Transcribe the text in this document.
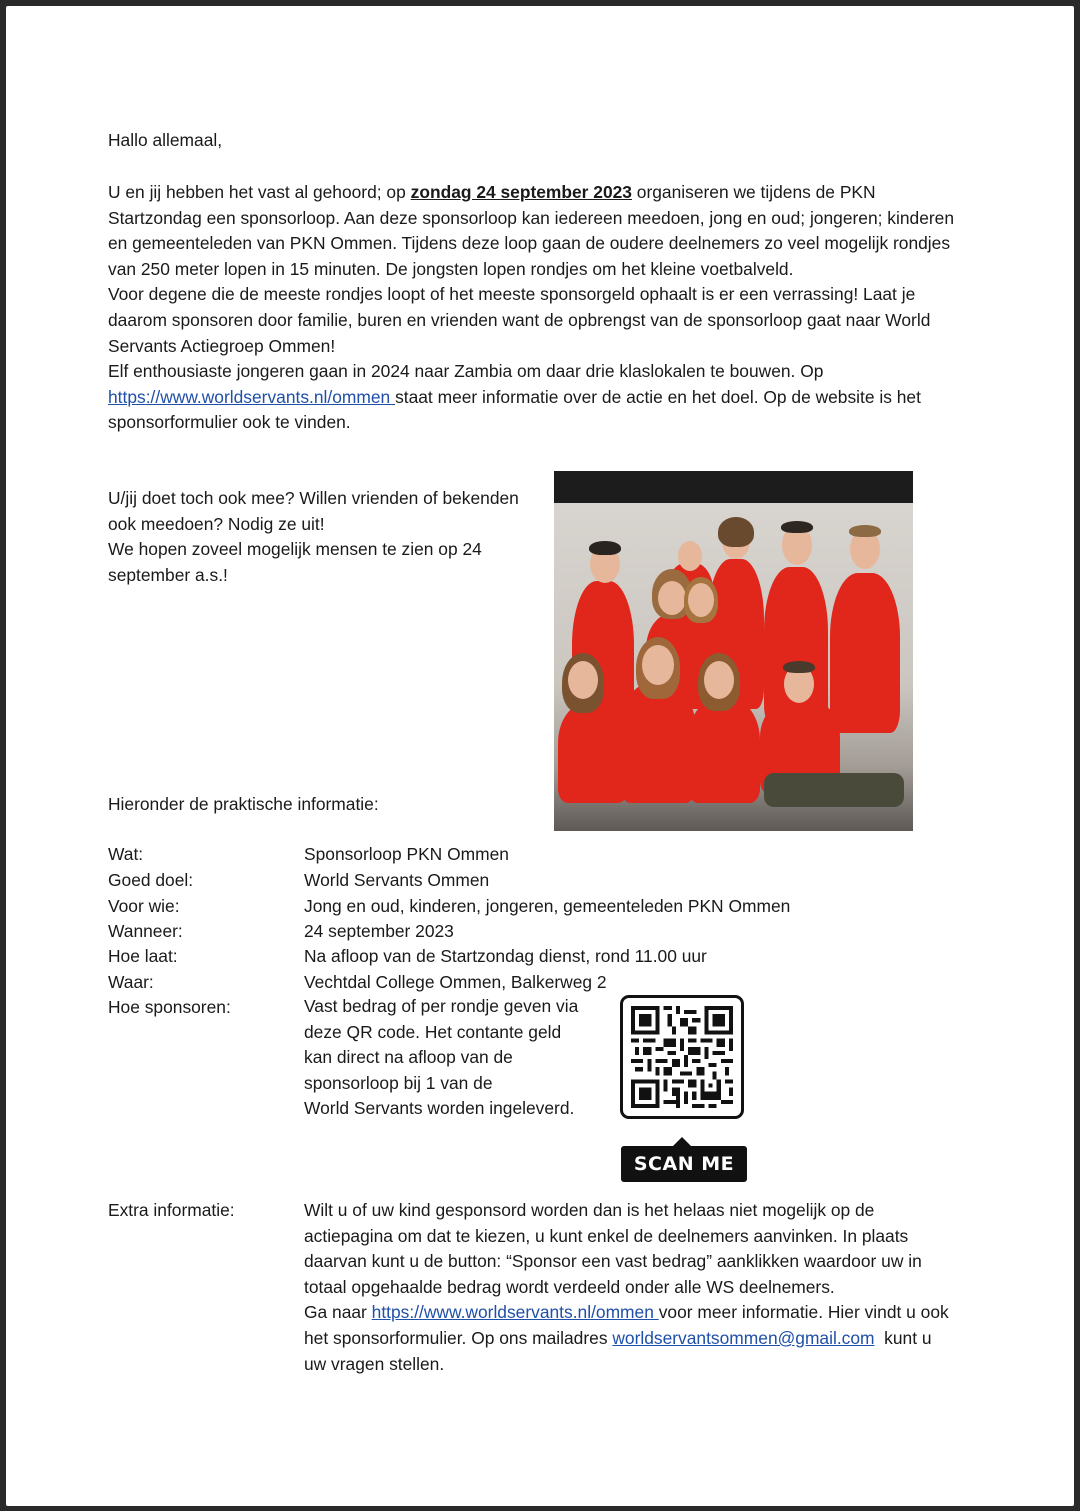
Hallo allemaal,

U en jij hebben het vast al gehoord; op zondag 24 september 2023 organiseren we tijdens de PKN Startzondag een sponsorloop. Aan deze sponsorloop kan iedereen meedoen, jong en oud; jongeren; kinderen en gemeenteleden van PKN Ommen. Tijdens deze loop gaan de oudere deelnemers zo veel mogelijk rondjes van 250 meter lopen in 15 minuten. De jongsten lopen rondjes om het kleine voetbalveld.

Voor degene die de meeste rondjes loopt of het meeste sponsorgeld ophaalt is er een verrassing! Laat je daarom sponsoren door familie, buren en vrienden want de opbrengst van de sponsorloop gaat naar World Servants Actiegroep Ommen!

Elf enthousiaste jongeren gaan in 2024 naar Zambia om daar drie klaslokalen te bouwen. Op https://www.worldservants.nl/ommen staat meer informatie over de actie en het doel. Op de website is het sponsorformulier ook te vinden.

U/jij doet toch ook mee? Willen vrienden of bekenden ook meedoen? Nodig ze uit!

We hopen zoveel mogelijk mensen te zien op 24 september a.s.!

Hieronder de praktische informatie:

Wat:	Sponsorloop PKN Ommen
Goed doel:	World Servants Ommen
Voor wie:	Jong en oud, kinderen, jongeren, gemeenteleden PKN Ommen
Wanneer:	24 september 2023
Hoe laat:	Na afloop van de Startzondag dienst, rond 11.00 uur
Waar:	Vechtdal College Ommen, Balkerweg 2
Hoe sponsoren:	Vast bedrag of per rondje geven via

deze QR code. Het contante geld

kan direct na afloop van de

sponsorloop bij 1 van de

World Servants worden ingeleverd.

SCAN ME

Extra informatie:	Wilt u of uw kind gesponsord worden dan is het helaas niet mogelijk op de actiepagina om dat te kiezen, u kunt enkel de deelnemers aanvinken. In plaats daarvan kunt u de button: “Sponsor een vast bedrag” aanklikken waardoor uw in totaal opgehaalde bedrag wordt verdeeld onder alle WS deelnemers.

Ga naar https://www.worldservants.nl/ommen voor meer informatie. Hier vindt u ook het sponsorformulier. Op ons mailadres worldservantsommen@gmail.com  kunt u uw vragen stellen.
